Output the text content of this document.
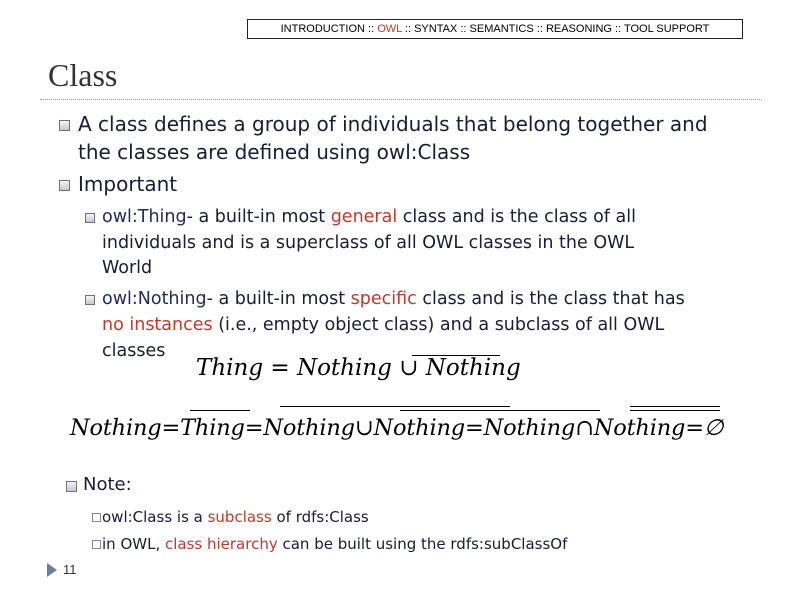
INTRODUCTION :: OWL :: SYNTAX :: SEMANTICS :: REASONING :: TOOL SUPPORT
Class
A class defines a group of individuals that belong together and
the classes are defined using owl:Class
Important
owl:Thing- a built-in most general class and is the class of all
individuals and is a superclass of all OWL classes in the OWL
World
owl:Nothing- a built-in most specific class and is the class that has
no instances (i.e., empty object class) and a subclass of all OWL
classes
Thing = Nothing ∪ Nothing
Nothing=Thing=Nothing∪Nothing=Nothing∩Nothing=∅
Note:
owl:Class is a subclass of rdfs:Class
in OWL, class hierarchy can be built using the rdfs:subClassOf
11
